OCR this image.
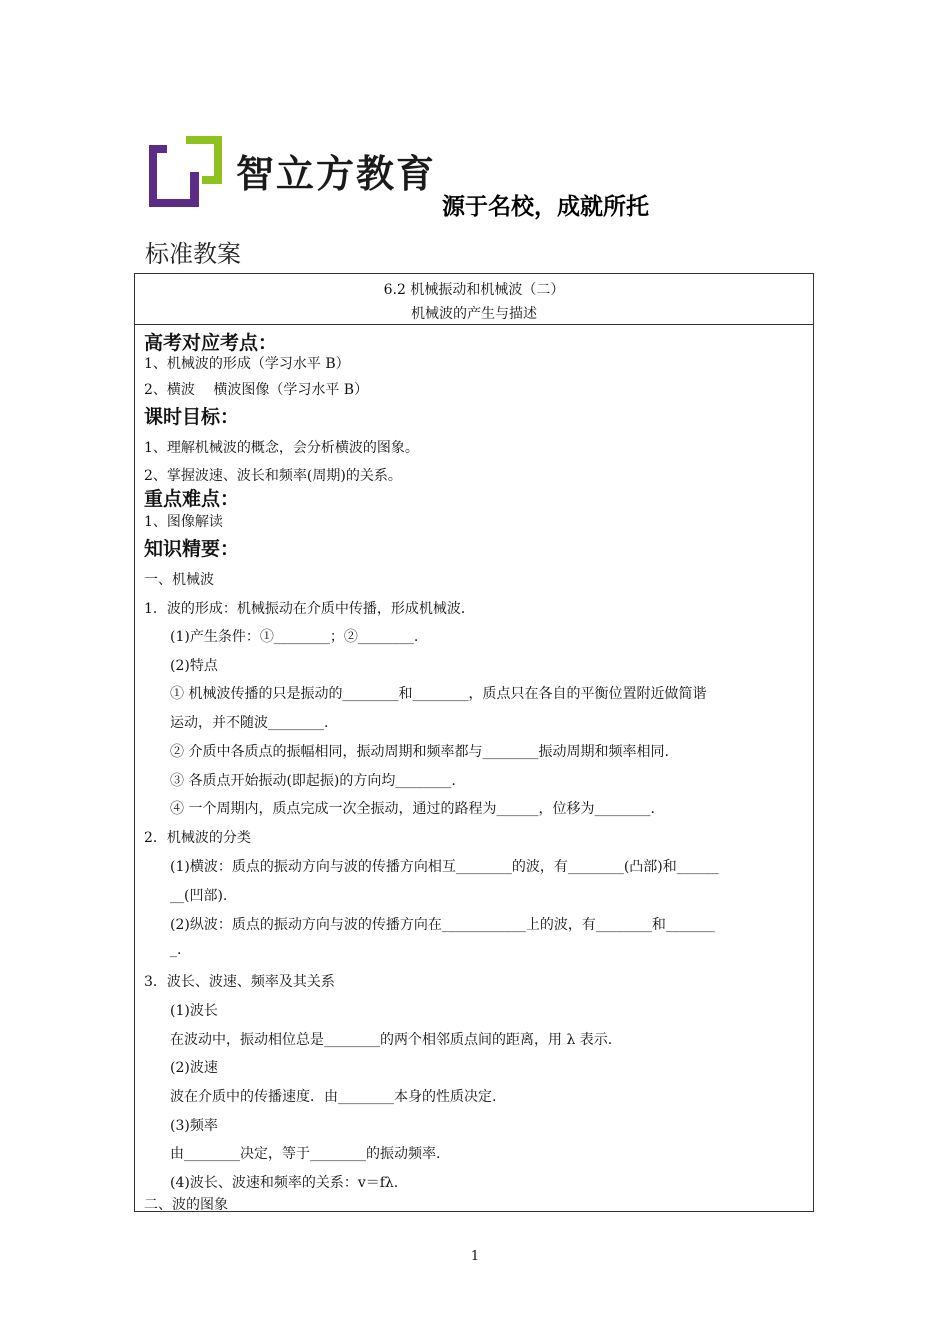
智立方教育
源于名校，成就所托
标准教案
6.2 机械振动和机械波（二）
机械波的产生与描述
高考对应考点：
1、机械波的形成（学习水平 B）
2、横波　 横波图像（学习水平 B）
课时目标：
1、理解机械波的概念，会分析横波的图象。
2、掌握波速、波长和频率(周期)的关系。
重点难点：
1、图像解读
知识精要：
一、机械波
1．波的形成：机械振动在介质中传播，形成机械波．
(1)产生条件：①________；②________.
(2)特点
① 机械波传播的只是振动的________和________，质点只在各自的平衡位置附近做简谐
运动，并不随波________.
② 介质中各质点的振幅相同，振动周期和频率都与________振动周期和频率相同.
③ 各质点开始振动(即起振)的方向均________.
④ 一个周期内，质点完成一次全振动，通过的路程为______，位移为________.
2．机械波的分类
(1)横波：质点的振动方向与波的传播方向相互________的波，有________(凸部)和______
__(凹部).
(2)纵波：质点的振动方向与波的传播方向在____________上的波，有________和_______
_.
3．波长、波速、频率及其关系
(1)波长
在波动中，振动相位总是________的两个相邻质点间的距离，用 λ 表示.
(2)波速
波在介质中的传播速度．由________本身的性质决定.
(3)频率
由________决定，等于________的振动频率.
(4)波长、波速和频率的关系：v＝fλ.
二、波的图象
1
